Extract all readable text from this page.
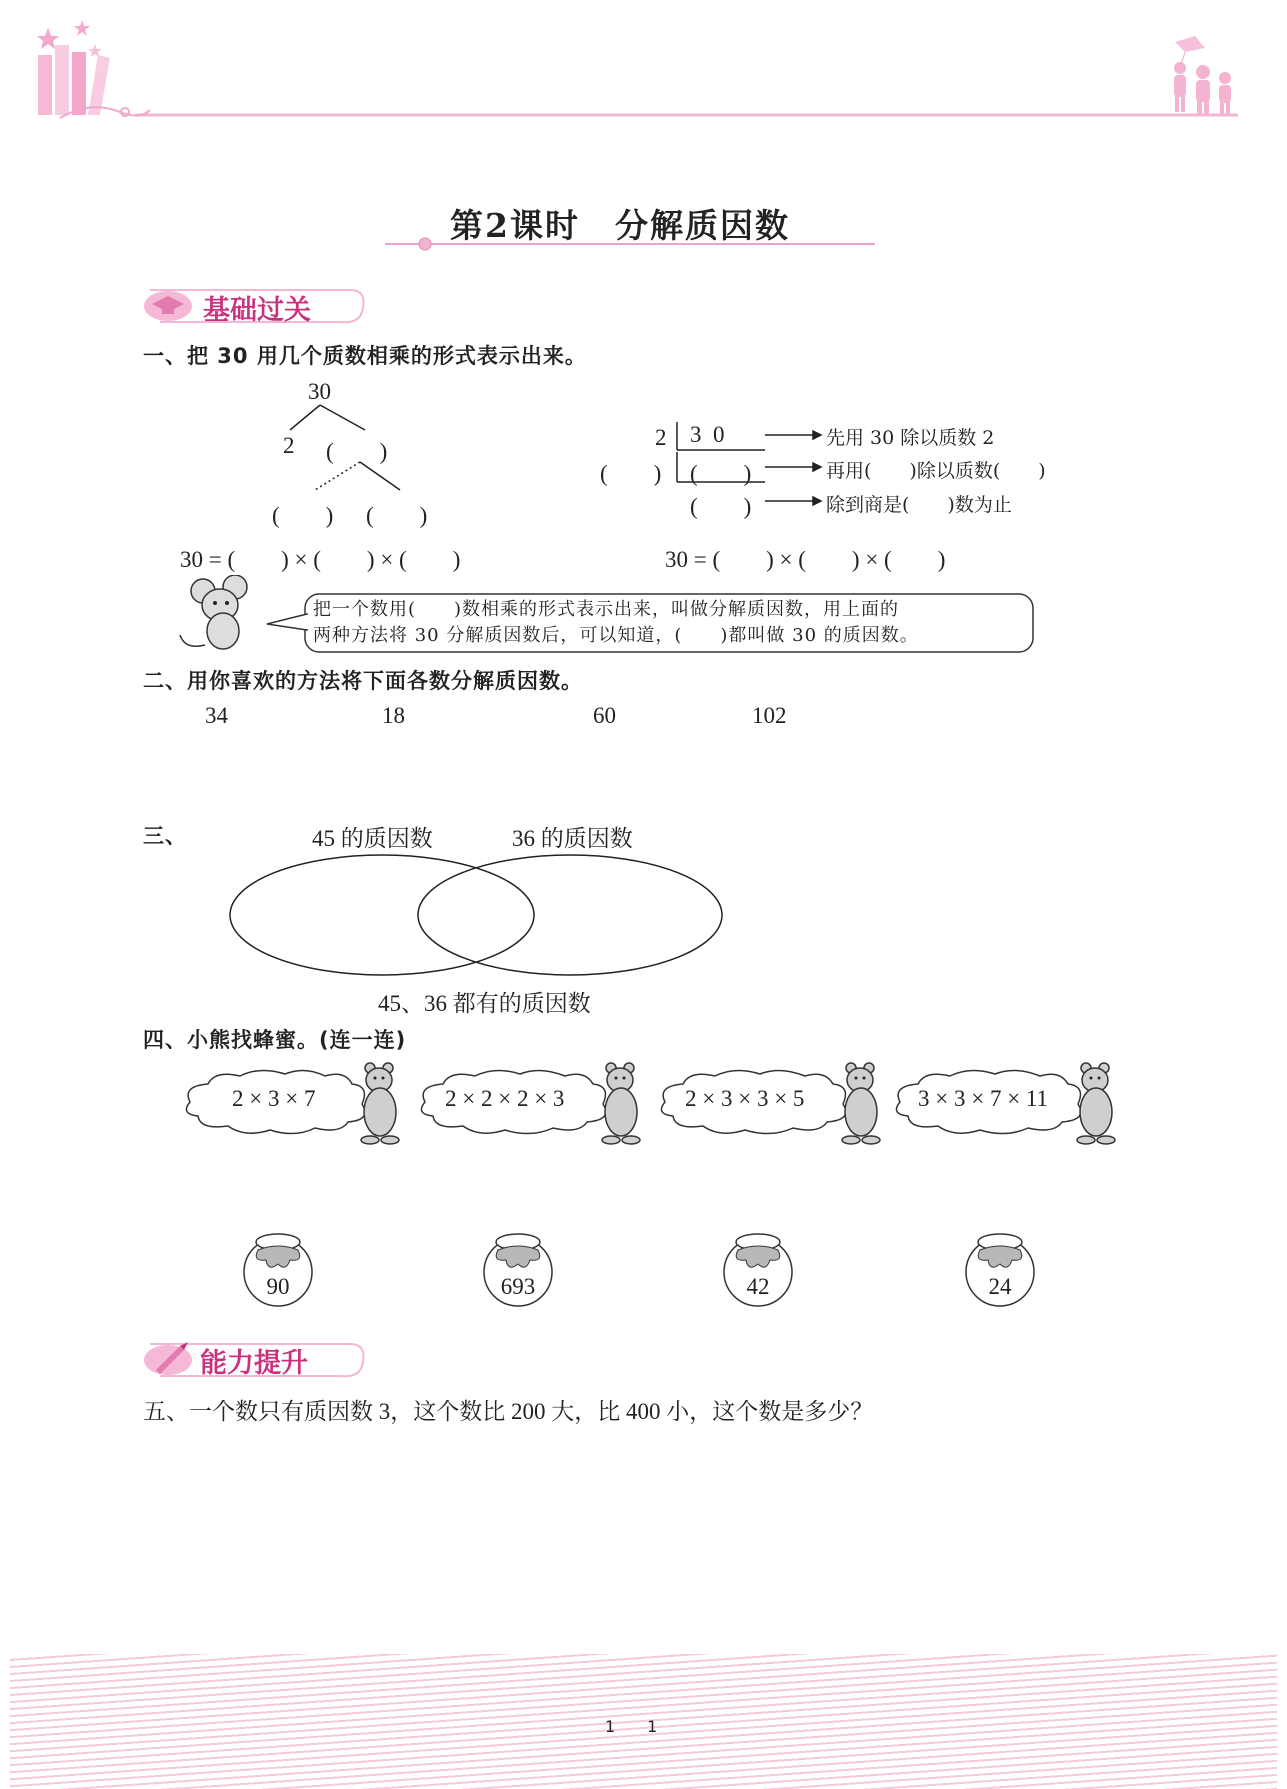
第2课时　分解质因数
基础过关
一、把 30 用几个质数相乘的形式表示出来。
30
2 (　　)
(　　) (　　)
30 = (　　) × (　　) × (　　)
2 3  0
(　　) (　　)
(　　)
先用 30 除以质数 2
再用(　　)除以质数(　　)
除到商是(　　)数为止
30 = (　　) × (　　) × (　　)
把一个数用(　　)数相乘的形式表示出来，叫做分解质因数，用上面的
两种方法将 30 分解质因数后，可以知道，(　　)都叫做 30 的质因数。
二、用你喜欢的方法将下面各数分解质因数。
34	18	60	102
三、	45 的质因数	36 的质因数
45、36 都有的质因数
四、小熊找蜂蜜。(连一连)
2 × 3 × 7	2 × 2 × 2 × 3	2 × 3 × 3 × 5	3 × 3 × 7 × 11
90	693	42	24
能力提升
五、一个数只有质因数 3，这个数比 200 大，比 400 小，这个数是多少？
1　　1
